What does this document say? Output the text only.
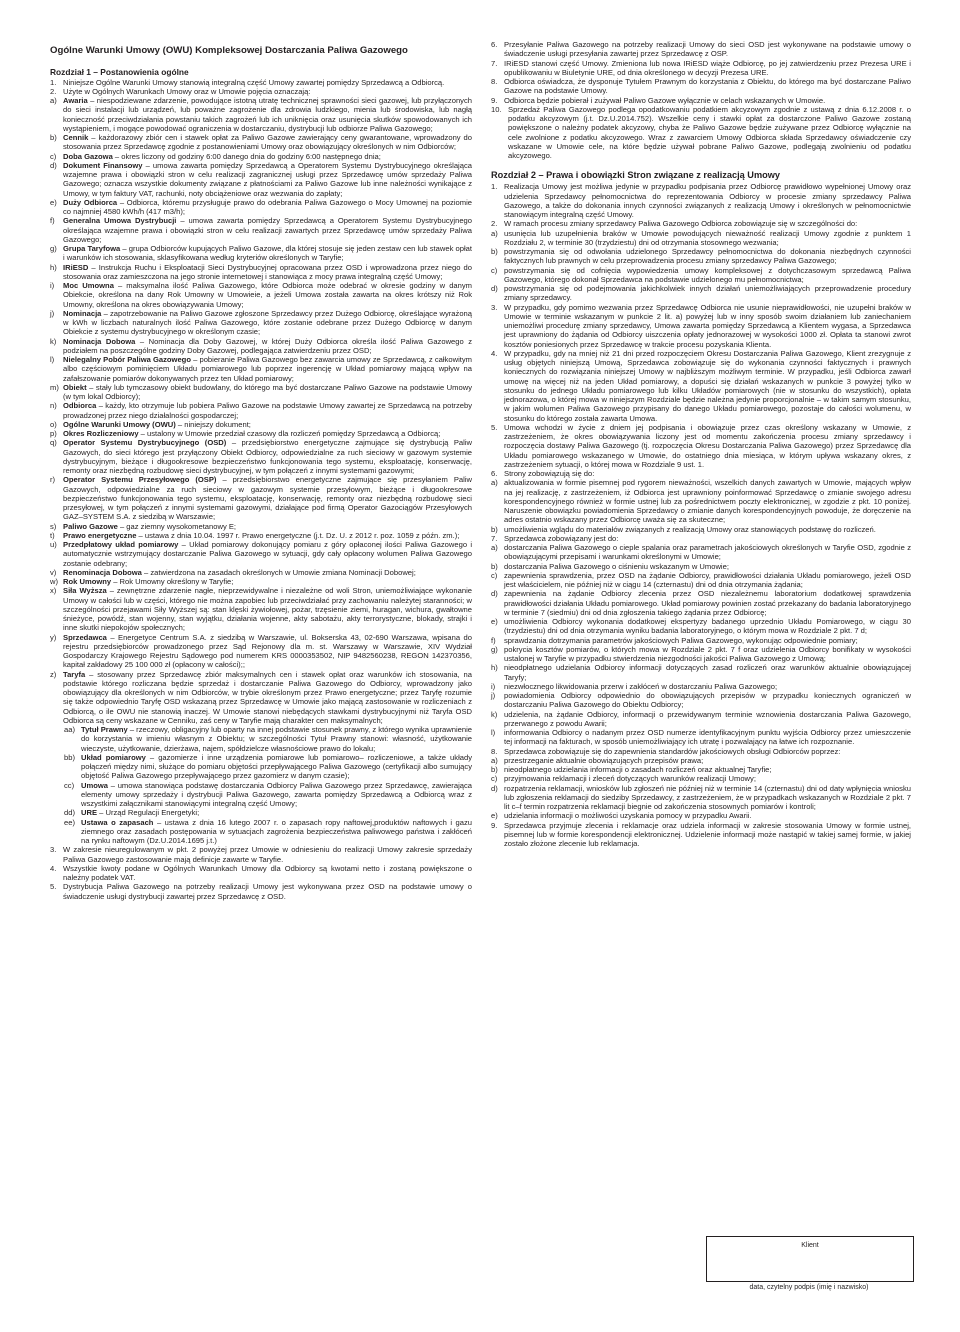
Ogólne Warunki Umowy (OWU) Kompleksowej Dostarczania Paliwa Gazowego
Rozdział 1 – Postanowienia ogólne
1. Niniejsze Ogólne Warunki Umowy stanowią integralną część Umowy zawartej pomiędzy Sprzedawcą a Odbiorcą.
2. Użyte w Ogólnych Warunkach Umowy oraz w Umowie pojęcia oznaczają:
a) Awaria – niespodziewane zdarzenie, powodujące istotną utratę technicznej sprawności sieci gazowej, lub przyłączonych do sieci instalacji lub urządzeń, lub poważne zagrożenie dla zdrowia ludzkiego, mienia lub środowiska, lub nagłą konieczność przeciwdziałania powstaniu takich zagrożeń lub ich uniknięcia oraz usunięcia skutków spowodowanych ich wystąpieniem, i mogące powodować ograniczenia w dostarczaniu, dystrybucji lub odbiorze Paliwa Gazowego;
b) Cennik – każdorazowy zbiór cen i stawek opłat za Paliwo Gazowe zawierający ceny gwarantowane, wprowadzony do stosowania przez Sprzedawcę zgodnie z postanowieniami Umowy oraz obowiązujący określonych w nim Odbiorców;
c) Doba Gazowa – okres liczony od godziny 6:00 danego dnia do godziny 6:00 następnego dnia;
d) Dokument Finansowy – umowa zawarta pomiędzy Sprzedawcą a Operatorem Systemu Dystrybucyjnego określająca wzajemne prawa i obowiązki stron w celu realizacji zagranicznej usługi przez Sprzedawcę umów sprzedaży Paliwa Gazowego; oznacza wszystkie dokumenty związane z płatnościami za Paliwo Gazowe lub inne należności wynikające z Umowy, w tym faktury VAT, rachunki, noty obciążeniowe oraz wezwania do zapłaty;
e) Duży Odbiorca – Odbiorca, któremu przysługuje prawo do odebrania Paliwa Gazowego o Mocy Umownej na poziomie co najmniej 4580 kWh/h (417 m3/h);
f)	Generalna Umowa Dystrybucji – umowa zawarta pomiędzy Sprzedawcą a Operatorem Systemu Dystrybucyjnego określająca wzajemne prawa i obowiązki stron w celu realizacji zawartych przez Sprzedawcę umów sprzedaży Paliwa Gazowego;
g) Grupa Taryfowa – grupa Odbiorców kupujących Paliwo Gazowe, dla której stosuje się jeden zestaw cen lub stawek opłat i warunków ich stosowania, sklasyfikowana według kryteriów określonych w Taryfie;
h) IRiESD – Instrukcja Ruchu i Eksploatacji Sieci Dystrybucyjnej opracowana przez OSD i wprowadzona przez niego do stosowania oraz zamieszczona na jego stronie internetowej i stanowiąca z mocy prawa integralną część Umowy;
i)	Moc Umowna – maksymalna ilość Paliwa Gazowego, które Odbiorca może odebrać w okresie godziny w danym Obiekcie, określona na dany Rok Umowny w Umowieie, a jeżeli Umowa została zawarta na okres krótszy niż Rok Umowny, określona na okres obowiązywania Umowy;
j)	Nominacja – zapotrzebowanie na Paliwo Gazowe zgłoszone Sprzedawcy przez Dużego Odbiorcę, określające wyrażoną w kWh w liczbach naturalnych ilość Paliwa Gazowego, które zostanie odebrane przez Dużego Odbiorcę w danym Obiekcie z systemu dystrybucyjnego w określonym czasie;
k) Nominacja Dobowa – Nominacja dla Doby Gazowej, w której Duży Odbiorca określa ilość Paliwa Gazowego z podziałem na poszczególne godziny Doby Gazowej, podlegająca zatwierdzeniu przez OSD;
l)	Nielegalny Pobór Paliwa Gazowego – pobieranie Paliwa Gazowego bez zawarcia umowy ze Sprzedawcą, z całkowitym albo częściowym pominięciem Układu pomiarowego lub poprzez ingerencję w Układ pomiarowy mającą wpływ na zafałszowanie pomiarów dokonywanych przez ten Układ pomiarowy;
m) Obiekt – stały lub tymczasowy obiekt budowlany, do którego ma być dostarczane Paliwo Gazowe na podstawie Umowy (w tym lokal Odbiorcy);
n) Odbiorca – każdy, kto otrzymuje lub pobiera Paliwo Gazowe na podstawie Umowy zawartej ze Sprzedawcą na potrzeby prowadzonej przez niego działalności gospodarczej;
o) Ogólne Warunki Umowy (OWU) – niniejszy dokument;
p) Okres Rozliczeniowy – ustalony w Umowie przedział czasowy dla rozliczeń pomiędzy Sprzedawcą a Odbiorcą;
q) Operator Systemu Dystrybucyjnego (OSD) – przedsiębiorstwo energetyczne zajmujące się dystrybucją Paliw Gazowych, do sieci którego jest przyłączony Obiekt Odbiorcy, odpowiedzialne za ruch sieciowy w gazowym systemie dystrybucyjnym, bieżące i długookresowe bezpieczeństwo funkcjonowania tego systemu, eksploatację, konserwację, remonty oraz niezbędną rozbudowę sieci dystrybucyjnej, w tym połączeń z innymi systemami gazowymi;
r)	Operator Systemu Przesyłowego (OSP) – przedsiębiorstwo energetyczne zajmujące się przesyłaniem Paliw Gazowych, odpowiedzialne za ruch sieciowy w gazowym systemie przesyłowym, bieżące i długookresowe bezpieczeństwo funkcjonowania tego systemu, eksploatację, konserwację, remonty oraz niezbędną rozbudowę sieci przesyłowej, w tym połączeń z innymi systemami gazowymi, działające pod firmą Operator Gazociągów Przesyłowych GAZ–SYSTEM S.A. z siedzibą w Warszawie;
s) Paliwo Gazowe – gaz ziemny wysokometanowy E;
t)	Prawo energetyczne – ustawa z dnia 10.04. 1997 r. Prawo energetyczne (j.t. Dz. U. z 2012 r. poz. 1059 z późn. zm.);
u) Przedpłatowy układ pomiarowy – Układ pomiarowy dokonujący pomiaru z góry opłaconej ilości Paliwa Gazowego i automatycznie wstrzymujący dostarczanie Paliwa Gazowego w sytuacji, gdy cały opłacony wolumen Paliwa Gazowego zostanie odebrany;
v) Renominacja Dobowa – zatwierdzona na zasadach określonych w Umowie zmiana Nominacji Dobowej;
w) Rok Umowny – Rok Umowny określony w Taryfie;
x) Siła Wyższa – zewnętrzne zdarzenie nagłe, nieprzewidywalne i niezależne od woli Stron, uniemożliwiające wykonanie Umowy w całości lub w części, którego nie można zapobiec lub przeciwdziałać przy zachowaniu należytej staranności; w szczególności przejawami Siły Wyższej są: stan klęski żywiołowej, pożar, trzęsienie ziemi, huragan, wichura, gwałtowne śnieżyce, powódź, stan wojenny, stan wyjątku, działania wojenne, akty sabotażu, akty terrorystyczne, blokady, strajki i inne skutki niepokojów społecznych;
y) Sprzedawca – Energetyce Centrum S.A. z siedzibą w Warszawie, ul. Bokserska 43, 02-690 Warszawa, wpisana do rejestru przedsiębiorców prowadzonego przez Sąd Rejonowy dla m. st. Warszawy w Warszawie, XIV Wydział Gospodarczy Krajowego Rejestru Sądowego pod numerem KRS 0000353502, NIP 9482560238, REGON 142370356, kapitał zakładowy 25 100 000 zł (opłacony w całości);;
z) Taryfa – stosowany przez Sprzedawcę zbiór maksymalnych cen i stawek opłat oraz warunków ich stosowania, na podstawie którego rozliczana będzie sprzedaż i dostarczanie Paliwa Gazowego do Odbiorcy, wprowadzony jako obowiązujący dla określonych w nim Odbiorców, w trybie określonym przez Prawo energetyczne; przez Taryfę rozumie się także odpowiednio Taryfę OSD wskazaną przez Sprzedawcę w Umowie jako mającą zastosowanie w rozliczeniach z Odbiorcą, o ile OWU nie stanowią inaczej. W Umowie stanowi niebędących stawkami dystrybucyjnymi niż Taryfa OSD Odbiorca są ceny wskazane w Cenniku, zaś ceny w Taryfie mają charakter cen maksymalnych;
aa) Tytuł Prawny – rzeczowy, obligacyjny lub oparty na innej podstawie stosunek prawny, z którego wynika uprawnienie do korzystania w imieniu własnym z Obiektu; w szczególności Tytuł Prawny stanowi: własność, użytkowanie wieczyste, użytkowanie, dzierżawa, najem, spółdzielcze własnościowe prawo do lokalu;
bb) Układ pomiarowy – gazomierze i inne urządzenia pomiarowe lub pomiarowo– rozliczeniowe, a także układy połączeń między nimi, służące do pomiaru objętości przepływającego Paliwa Gazowego (certyfikacji albo sumujący objętość Paliwa Gazowego przepływającego przez gazomierz w danym czasie);
cc) Umowa – umowa stanowiąca podstawę dostarczania Odbiorcy Paliwa Gazowego przez Sprzedawcę, zawierająca elementy umowy sprzedaży i dystrybucji Paliwa Gazowego, zawarta pomiędzy Sprzedawcą a Odbiorcą wraz z wszystkimi załącznikami stanowiącymi integralną część Umowy;
dd) URE – Urząd Regulacji Energetyki;
ee) Ustawa o zapasach – ustawa z dnia 16 lutego 2007 r. o zapasach ropy naftowej,produktów naftowych i gazu ziemnego oraz zasadach postępowania w sytuacjach zagrożenia bezpieczeństwa paliwowego państwa i zakłóceń na rynku naftowym (Dz.U.2014.1695 j.t.)
3. W zakresie nieuregulowanym w pkt. 2 powyżej przez Umowie w odniesieniu do realizacji Umowy zakresie sprzedaży Paliwa Gazowego zastosowanie mają definicje zawarte w Taryfie.
4. Wszystkie kwoty podane w Ogólnych Warunkach Umowy dla Odbiorcy są kwotami netto i zostaną powiększone o należny podatek VAT.
5. Dystrybucja Paliwa Gazowego na potrzeby realizacji Umowy jest wykonywana przez OSD na podstawie umowy o świadczenie usługi dystrybucji zawartej przez Sprzedawcę z OSD.
6. Przesyłanie Paliwa Gazowego na potrzeby realizacji Umowy do sieci OSD jest wykonywane na podstawie umowy o świadczenie usługi przesyłania zawartej przez Sprzedawcę z OSP.
7. IRiESD stanowi część Umowy. Zmieniona lub nowa IRiESD wiąże Odbiorcę, po jej zatwierdzeniu przez Prezesa URE i opublikowaniu w Biuletynie URE, od dnia określonego w decyzji Prezesa URE.
8. Odbiorca oświadcza, że dysponuje Tytułem Prawnym do korzystania z Obiektu, do którego ma być dostarczane Paliwo Gazowe na podstawie Umowy.
9. Odbiorca będzie pobierał i zużywał Paliwo Gazowe wyłącznie w celach wskazanych w Umowie.
10. Sprzedaż Paliwa Gazowego podlega opodatkowaniu podatkiem akcyzowym zgodnie z ustawą z dnia 6.12.2008 r. o podatku akcyzowym (j.t. Dz.U.2014.752). Wszelkie ceny i stawki opłat za dostarczone Paliwo Gazowe zostaną powiększone o należny podatek akcyzowy, chyba że Paliwo Gazowe będzie zużywane przez Odbiorcę wyłącznie na cele zwolnione z podatku akcyzowego. Wraz z zawarciem Umowy Odbiorca składa Sprzedawcy oświadczenie czy wskazane w Umowie cele, na które będzie używał pobrane Paliwo Gazowe, podlegają zwolnieniu od podatku akcyzowego.
Rozdział 2 – Prawa i obowiązki Stron związane z realizacją Umowy
1. Realizacja Umowy jest możliwa jedynie w przypadku podpisania przez Odbiorcę prawidłowo wypełnionej Umowy oraz udzielenia Sprzedawcy pełnomocnictwa do reprezentowania Odbiorcy w procesie zmiany sprzedawcy Paliwa Gazowego, a także do dokonania innych czynności związanych z realizacją Umowy i określonych w pełnomocnictwie stanowiącym integralną część Umowy.
2. W ramach procesu zmiany sprzedawcy Paliwa Gazowego Odbiorca zobowiązuje się w szczególności do:
a) usunięcia lub uzupełnienia braków w Umowie powodujących nieważność realizacji Umowy zgodnie z punktem 1 Rozdziału 2, w terminie 30 (trzydziestu) dni od otrzymania stosownego wezwania;
b) powstrzymania się od odwołania udzielonego Sprzedawcy pełnomocnictwa do dokonania niezbędnych czynności faktycznych lub prawnych w celu przeprowadzenia procesu zmiany sprzedawcy Paliwa Gazowego;
c) powstrzymania się od cofnięcia wypowiedzenia umowy kompleksowej z dotychczasowym sprzedawcą Paliwa Gazowego, którego dokonał Sprzedawca na podstawie udzielonego mu pełnomocnictwa;
d) powstrzymania się od podejmowania jakichkolwiek innych działań uniemożliwiających przeprowadzenie procedury zmiany sprzedawcy.
3. W przypadku, gdy pomimo wezwania przez Sprzedawcę Odbiorca nie usunie nieprawidłowości, nie uzupełni braków w Umowie w terminie wskazanym w punkcie 2 lit. a) powyżej lub w inny sposób swoim działaniem lub zaniechaniem uniemożliwi procedurę zmiany sprzedawcy, Umowa zawarta pomiędzy Sprzedawcą a Klientem wygasa, a Sprzedawca jest uprawniony do żądania od Odbiorcy uiszczenia opłaty jednorazowej w wysokości 1000 zł. Opłata ta stanowi zwrot kosztów poniesionych przez Sprzedawcę w trakcie procesu pozyskania Klienta.
4. W przypadku, gdy na mniej niż 21 dni przed rozpoczęciem Okresu Dostarczania Paliwa Gazowego, Klient zrezygnuje z usług objętych niniejszą Umową, Sprzedawca zobowiązuje się do wykonania czynności faktycznych i prawnych koniecznych do rozwiązania niniejszej Umowy w najbliższym możliwym terminie. W przypadku, jeśli Odbiorca zawarł umowę na więcej niż na jeden Układ pomiarowy, a dopuści się działań wskazanych w punkcie 3 powyżej tylko w stosunku do jednego Układu pomiarowego lub kilku Układów pomiarowych (nie w stosunku do wszystkich), opłata jednorazowa, o której mowa w niniejszym Rozdziale będzie należna jedynie proporcjonalnie – w takim samym stosunku, w jakim wolumen Paliwa Gazowego przypisany do danego Układu pomiarowego, pozostaje do całości wolumenu, w stosunku do którego została zawarta Umowa.
5. Umowa wchodzi w życie z dniem jej podpisania i obowiązuje przez czas określony wskazany w Umowie, z zastrzeżeniem, że okres obowiązywania liczony jest od momentu zakończenia procesu zmiany sprzedawcy i rozpoczęcia dostawy Paliwa Gazowego (tj. rozpoczęcia Okresu Dostarczania Paliwa Gazowego) przez Sprzedawcę dla Układu pomiarowego wskazanego w Umowie, do ostatniego dnia miesiąca, w którym upływa wskazany okres, z zastrzeżeniem sytuacji, o której mowa w Rozdziale 9 ust. 1.
6. Strony zobowiązują się do:
a) aktualizowania w formie pisemnej pod rygorem nieważności, wszelkich danych zawartych w Umowie, mających wpływ na jej realizację, z zastrzeżeniem, iż Odbiorca jest uprawniony poinformować Sprzedawcę o zmianie swojego adresu korespondencyjnego również w formie ustnej lub za pośrednictwem poczty elektronicznej, w zgodzie z pkt. 10 poniżej. Naruszenie obowiązku powiadomienia Sprzedawcy o zmianie danych korespondencyjnych powoduje, że doręczenie na adres ostatnio wskazany przez Odbiorcę uważa się za skuteczne;
b) umożliwienia wglądu do materiałów związanych z realizacją Umowy oraz stanowiących podstawę do rozliczeń.
7. Sprzedawca zobowiązany jest do:
a) dostarczania Paliwa Gazowego o cieple spalania oraz parametrach jakościowych określonych w Taryfie OSD, zgodnie z obowiązującymi przepisami i warunkami określonymi w Umowie;
b) dostarczania Paliwa Gazowego o ciśnieniu wskazanym w Umowie;
c) zapewnienia sprawdzenia, przez OSD na żądanie Odbiorcy, prawidłowości działania Układu pomiarowego, jeżeli OSD jest właścicielem, nie później niż w ciągu 14 (czternastu) dni od dnia otrzymania żądania;
d) zapewnienia na żądanie Odbiorcy zlecenia przez OSD niezależnemu laboratorium dodatkowej sprawdzenia prawidłowości działania Układu pomiarowego. Układ pomiarowy powinien zostać przekazany do badania laboratoryjnego w terminie 7 (siedmiu) dni od dnia zgłoszenia takiego żądania przez Odbiorcę;
e) umożliwienia Odbiorcy wykonania dodatkowej ekspertyzy badanego uprzednio Układu Pomiarowego, w ciągu 30 (trzydziestu) dni od dnia otrzymania wyniku badania laboratoryjnego, o którym mowa w Rozdziale 2 pkt. 7 d;
f)	sprawdzania dotrzymania parametrów jakościowych Paliwa Gazowego, wykonując odpowiednie pomiary;
g) pokrycia kosztów pomiarów, o których mowa w Rozdziale 2 pkt. 7 f oraz udzielenia Odbiorcy bonifikaty w wysokości ustalonej w Taryfie w przypadku stwierdzenia niezgodności jakości Paliwa Gazowego z Umową;
h) nieodpłatnego udzielania Odbiorcy informacji dotyczących zasad rozliczeń oraz warunków aktualnie obowiązującej Taryfy;
i)	niezwłocznego likwidowania przerw i zakłóceń w dostarczaniu Paliwa Gazowego;
j)	powiadomienia Odbiorcy odpowiednio do obowiązujących przepisów w przypadku koniecznych ograniczeń w dostarczaniu Paliwa Gazowego do Obiektu Odbiorcy;
k) udzielenia, na żądanie Odbiorcy, informacji o przewidywanym terminie wznowienia dostarczania Paliwa Gazowego, przerwanego z powodu Awarii;
l)	informowania Odbiorcy o nadanym przez OSD numerze identyfikacyjnym punktu wyjścia Odbiorcy przez umieszczenie tej informacji na fakturach, w sposób uniemożliwiający ich utratę i pozwalający na łatwe ich rozpoznanie.
8. Sprzedawca zobowiązuje się do zapewnienia standardów jakościowych obsługi Odbiorców poprzez:
a) przestrzeganie aktualnie obowiązujących przepisów prawa;
b) nieodpłatnego udzielania informacji o zasadach rozliczeń oraz aktualnej Taryfie;
c) przyjmowania reklamacji i zleceń dotyczących warunków realizacji Umowy;
d) rozpatrzenia reklamacji, wniosków lub zgłoszeń nie później niż w terminie 14 (czternastu) dni od daty wpłynięcia wniosku lub zgłoszenia reklamacji do siedziby Sprzedawcy, z zastrzeżeniem, że w przypadkach wskazanych w Rozdziale 2 pkt. 7 lit c–f termin rozpatrzenia reklamacji biegnie od zakończenia stosownych pomiarów i kontroli;
e) udzielania informacji o możliwości uzyskania pomocy w przypadku Awarii.
9. Sprzedawca przyjmuje zlecenia i reklamacje oraz udziela informacji w zakresie stosowania Umowy w formie ustnej, pisemnej lub w formie korespondencji elektronicznej. Udzielenie informacji może nastąpić w takiej samej formie, w jakiej zostało złożone zlecenie lub reklamacja.
Klient
data, czytelny podpis (imię i nazwisko)
